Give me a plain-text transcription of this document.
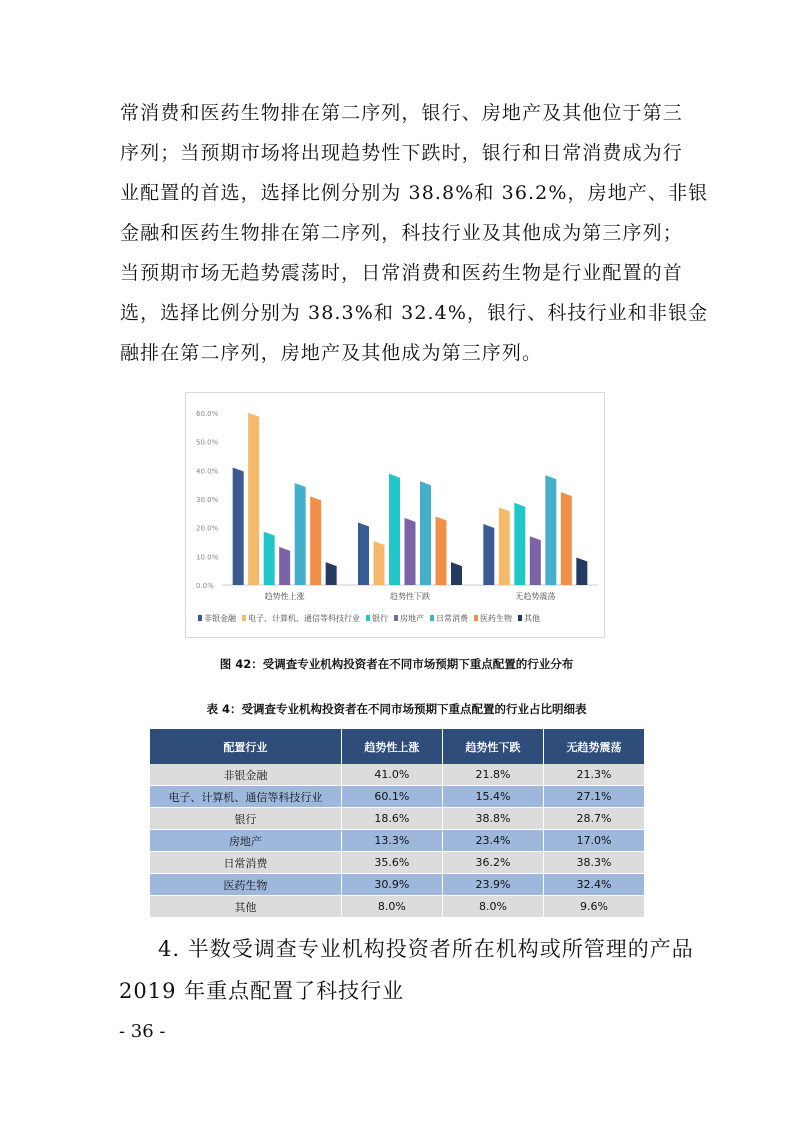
常消费和医药生物排在第二序列，银行、房地产及其他位于第三
序列；当预期市场将出现趋势性下跌时，银行和日常消费成为行
业配置的首选，选择比例分别为 38.8%和 36.2%，房地产、非银
金融和医药生物排在第二序列，科技行业及其他成为第三序列；
当预期市场无趋势震荡时，日常消费和医药生物是行业配置的首
选，选择比例分别为 38.3%和 32.4%，银行、科技行业和非银金
融排在第二序列，房地产及其他成为第三序列。
0.0%
10.0%
20.0%
30.0%
40.0%
50.0%
60.0%
趋势性上涨	趋势性下跌	无趋势震荡
非银金融 电子、计算机、通信等科技行业 银行 房地产 日常消费 医药生物 其他
图 42：受调查专业机构投资者在不同市场预期下重点配置的行业分布
表 4：受调查专业机构投资者在不同市场预期下重点配置的行业占比明细表
配置行业	趋势性上涨	趋势性下跌	无趋势震荡
非银金融	41.0%	21.8%	21.3%
电子、计算机、通信等科技行业	60.1%	15.4%	27.1%
银行	18.6%	38.8%	28.7%
房地产	13.3%	23.4%	17.0%
日常消费	35.6%	36.2%	38.3%
医药生物	30.9%	23.9%	32.4%
其他	8.0%	8.0%	9.6%
4. 半数受调查专业机构投资者所在机构或所管理的产品
2019 年重点配置了科技行业
- 36 -
